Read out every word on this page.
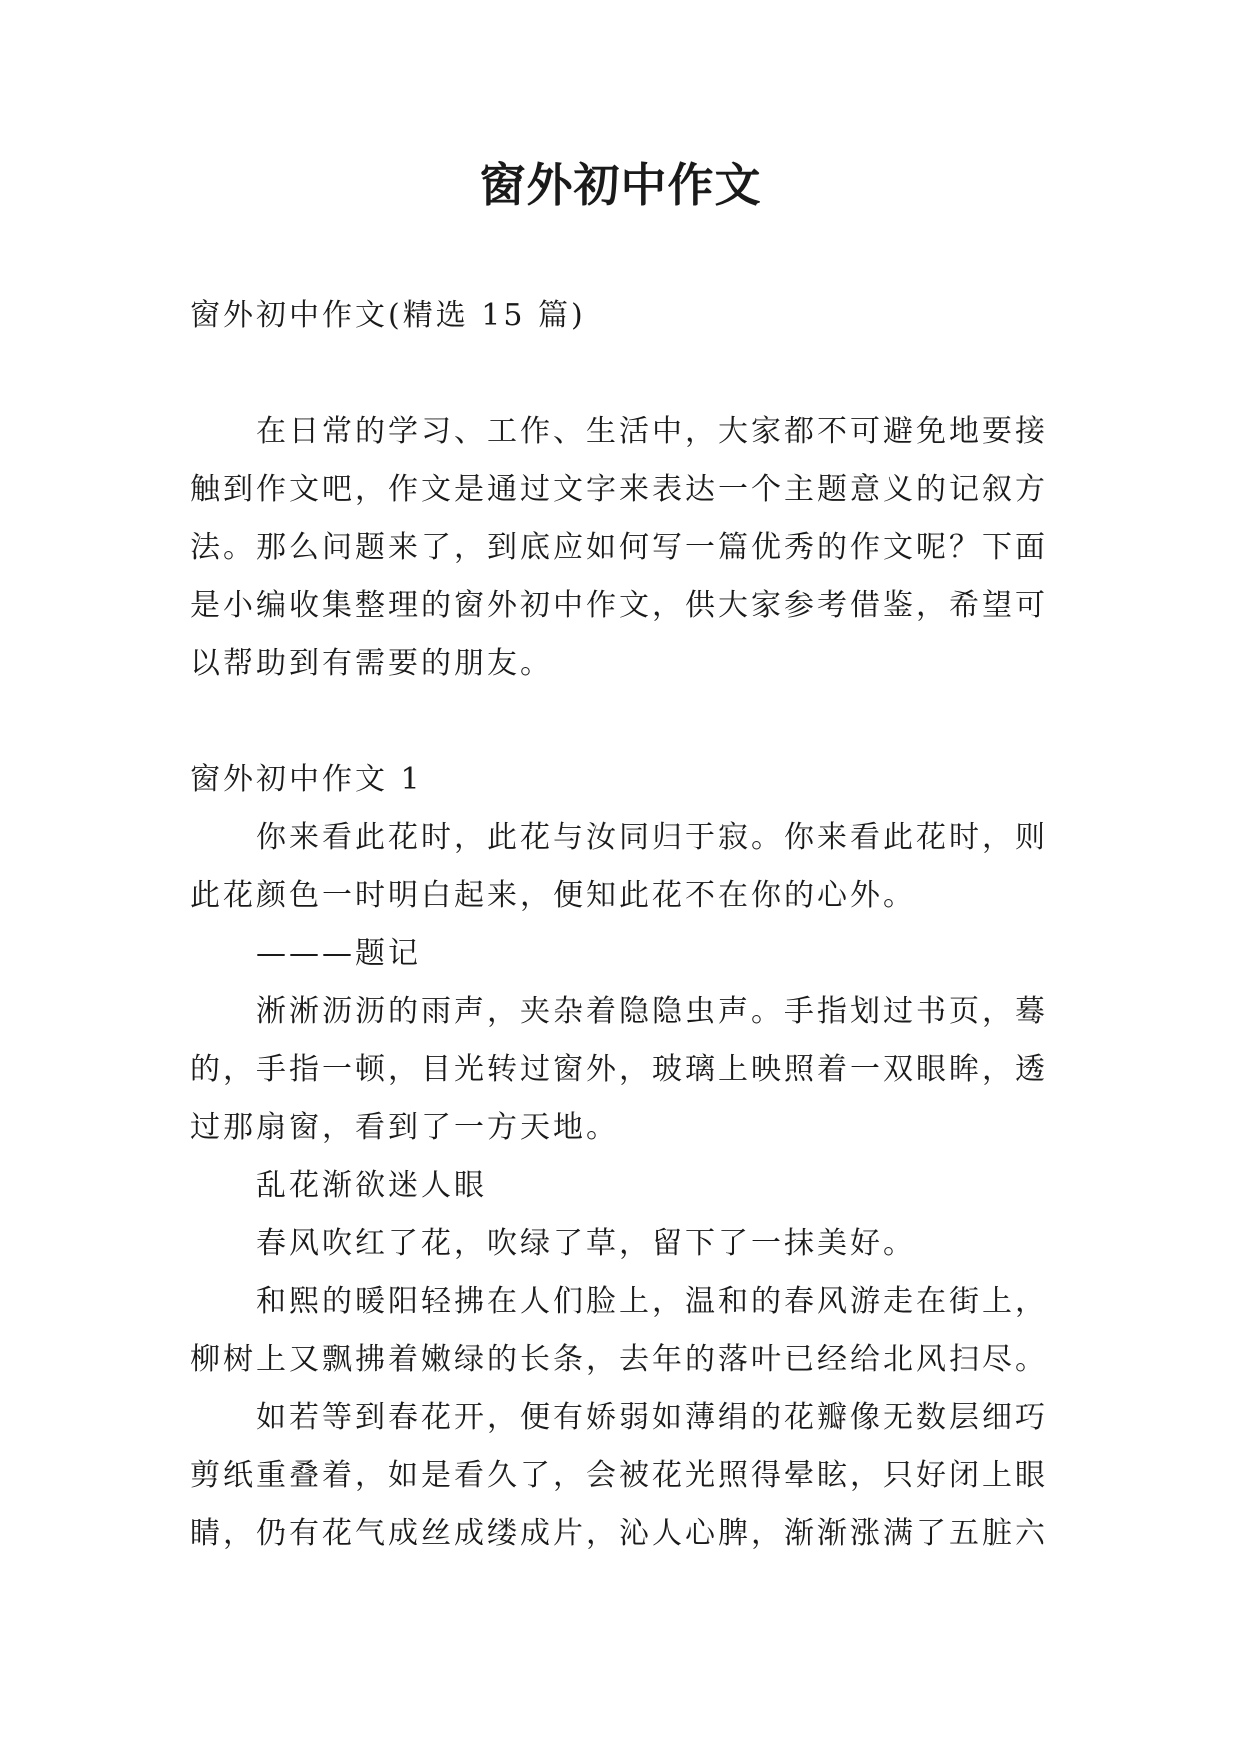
窗外初中作文
窗外初中作文(精选 15 篇)
在日常的学习、工作、生活中，大家都不可避免地要接
触到作文吧，作文是通过文字来表达一个主题意义的记叙方
法。那么问题来了，到底应如何写一篇优秀的作文呢？下面
是小编收集整理的窗外初中作文，供大家参考借鉴，希望可
以帮助到有需要的朋友。
窗外初中作文 1
你来看此花时，此花与汝同归于寂。你来看此花时，则
此花颜色一时明白起来，便知此花不在你的心外。
———题记
淅淅沥沥的雨声，夹杂着隐隐虫声。手指划过书页，蓦
的，手指一顿，目光转过窗外，玻璃上映照着一双眼眸，透
过那扇窗，看到了一方天地。
乱花渐欲迷人眼
春风吹红了花，吹绿了草，留下了一抹美好。
和熙的暖阳轻拂在人们脸上，温和的春风游走在街上，
柳树上又飘拂着嫩绿的长条，去年的落叶已经给北风扫尽。
如若等到春花开，便有娇弱如薄绢的花瓣像无数层细巧
剪纸重叠着，如是看久了，会被花光照得晕眩，只好闭上眼
睛，仍有花气成丝成缕成片，沁人心脾，渐渐涨满了五脏六
